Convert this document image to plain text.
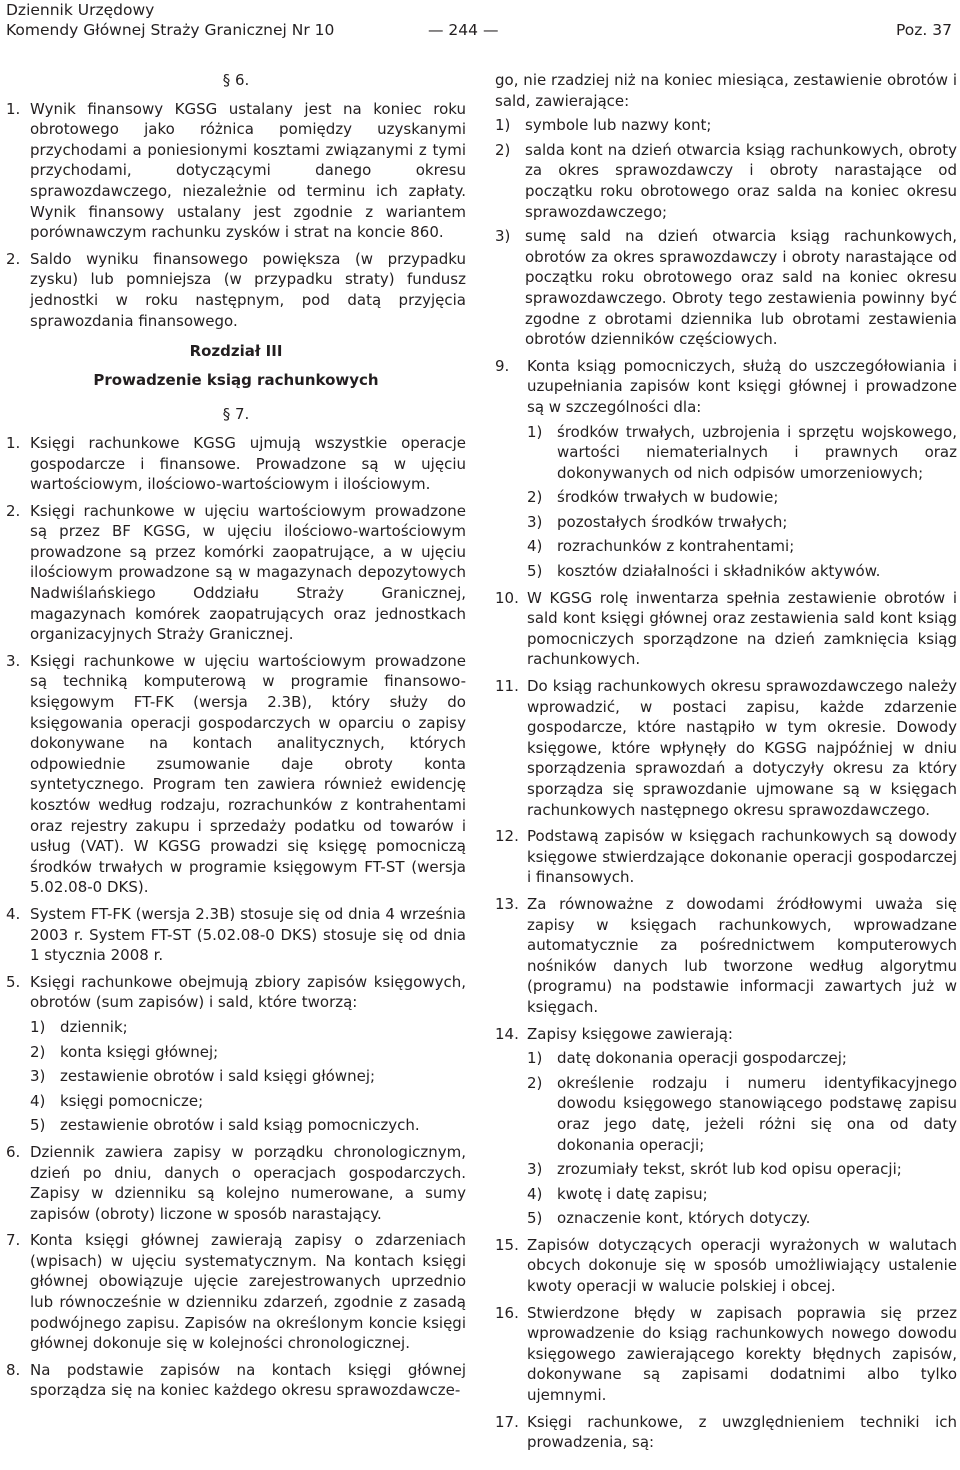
Dziennik Urzędowy
Komendy Głównej Straży Granicznej Nr 10	— 244 —	Poz. 37
§ 6.
1. Wynik finansowy KGSG ustalany jest na koniec roku obrotowego jako różnica pomiędzy uzyskanymi przychodami a poniesionymi kosztami związanymi z tymi przychodami, dotyczącymi danego okresu sprawozdawczego, niezależnie od terminu ich zapłaty. Wynik finansowy ustalany jest zgodnie z wariantem porównawczym rachunku zysków i strat na koncie 860.
2. Saldo wyniku finansowego powiększa (w przypadku zysku) lub pomniejsza (w przypadku straty) fundusz jednostki w roku następnym, pod datą przyjęcia sprawozdania finansowego.
Rozdział III
Prowadzenie ksiąg rachunkowych
§ 7.
1. Księgi rachunkowe KGSG ujmują wszystkie operacje gospodarcze i finansowe. Prowadzone są w ujęciu wartościowym, ilościowo-wartościowym i ilościowym.
2. Księgi rachunkowe w ujęciu wartościowym prowadzone są przez BF KGSG, w ujęciu ilościowo-wartościowym prowadzone są przez komórki zaopatrujące, a w ujęciu ilościowym prowadzone są w magazynach depozytowych Nadwiślańskiego Oddziału Straży Granicznej, magazynach komórek zaopatrujących oraz jednostkach organizacyjnych Straży Granicznej.
3. Księgi rachunkowe w ujęciu wartościowym prowadzone są techniką komputerową w programie finansowo-księgowym FT-FK (wersja 2.3B), który służy do księgowania operacji gospodarczych w oparciu o zapisy dokonywane na kontach analitycznych, których odpowiednie zsumowanie daje obroty konta syntetycznego. Program ten zawiera również ewidencję kosztów według rodzaju, rozrachunków z kontrahentami oraz rejestry zakupu i sprzedaży podatku od towarów i usług (VAT). W KGSG prowadzi się księgę pomocniczą środków trwałych w programie księgowym FT-ST (wersja 5.02.08-0 DKS).
4. System FT-FK (wersja 2.3B) stosuje się od dnia 4 września 2003 r. System FT-ST (5.02.08-0 DKS) stosuje się od dnia 1 stycznia 2008 r.
5. Księgi rachunkowe obejmują zbiory zapisów księgowych, obrotów (sum zapisów) i sald, które tworzą:
1) dziennik;
2) konta księgi głównej;
3) zestawienie obrotów i sald księgi głównej;
4) księgi pomocnicze;
5) zestawienie obrotów i sald ksiąg pomocniczych.
6. Dziennik zawiera zapisy w porządku chronologicznym, dzień po dniu, danych o operacjach gospodarczych. Zapisy w dzienniku są kolejno numerowane, a sumy zapisów (obroty) liczone w sposób narastający.
7. Konta księgi głównej zawierają zapisy o zdarzeniach (wpisach) w ujęciu systematycznym. Na kontach księgi głównej obowiązuje ujęcie zarejestrowanych uprzednio lub równocześnie w dzienniku zdarzeń, zgodnie z zasadą podwójnego zapisu. Zapisów na określonym koncie księgi głównej dokonuje się w kolejności chronologicznej.
8. Na podstawie zapisów na kontach księgi głównej sporządza się na koniec każdego okresu sprawozdawcze-
go, nie rzadziej niż na koniec miesiąca, zestawienie obrotów i sald, zawierające:
1) symbole lub nazwy kont;
2) salda kont na dzień otwarcia ksiąg rachunkowych, obroty za okres sprawozdawczy i obroty narastające od początku roku obrotowego oraz salda na koniec okresu sprawozdawczego;
3) sumę sald na dzień otwarcia ksiąg rachunkowych, obrotów za okres sprawozdawczy i obroty narastające od początku roku obrotowego oraz sald na koniec okresu sprawozdawczego. Obroty tego zestawienia powinny być zgodne z obrotami dziennika lub obrotami zestawienia obrotów dzienników częściowych.
9. Konta ksiąg pomocniczych, służą do uszczegółowiania i uzupełniania zapisów kont księgi głównej i prowadzone są w szczególności dla:
1) środków trwałych, uzbrojenia i sprzętu wojskowego, wartości niematerialnych i prawnych oraz dokonywanych od nich odpisów umorzeniowych;
2) środków trwałych w budowie;
3) pozostałych środków trwałych;
4) rozrachunków z kontrahentami;
5) kosztów działalności i składników aktywów.
10. W KGSG rolę inwentarza spełnia zestawienie obrotów i sald kont księgi głównej oraz zestawienia sald kont ksiąg pomocniczych sporządzone na dzień zamknięcia ksiąg rachunkowych.
11. Do ksiąg rachunkowych okresu sprawozdawczego należy wprowadzić, w postaci zapisu, każde zdarzenie gospodarcze, które nastąpiło w tym okresie. Dowody księgowe, które wpłynęły do KGSG najpóźniej w dniu sporządzenia sprawozdań a dotyczyły okresu za który sporządza się sprawozdanie ujmowane są w księgach rachunkowych następnego okresu sprawozdawczego.
12. Podstawą zapisów w księgach rachunkowych są dowody księgowe stwierdzające dokonanie operacji gospodarczej i finansowych.
13. Za równoważne z dowodami źródłowymi uważa się zapisy w księgach rachunkowych, wprowadzane automatycznie za pośrednictwem komputerowych nośników danych lub tworzone według algorytmu (programu) na podstawie informacji zawartych już w księgach.
14. Zapisy księgowe zawierają:
1) datę dokonania operacji gospodarczej;
2) określenie rodzaju i numeru identyfikacyjnego dowodu księgowego stanowiącego podstawę zapisu oraz jego datę, jeżeli różni się ona od daty dokonania operacji;
3) zrozumiały tekst, skrót lub kod opisu operacji;
4) kwotę i datę zapisu;
5) oznaczenie kont, których dotyczy.
15. Zapisów dotyczących operacji wyrażonych w walutach obcych dokonuje się w sposób umożliwiający ustalenie kwoty operacji w walucie polskiej i obcej.
16. Stwierdzone błędy w zapisach poprawia się przez wprowadzenie do ksiąg rachunkowych nowego dowodu księgowego zawierającego korekty błędnych zapisów, dokonywane są zapisami dodatnimi albo tylko ujemnymi.
17. Księgi rachunkowe, z uwzględnieniem techniki ich prowadzenia, są:
